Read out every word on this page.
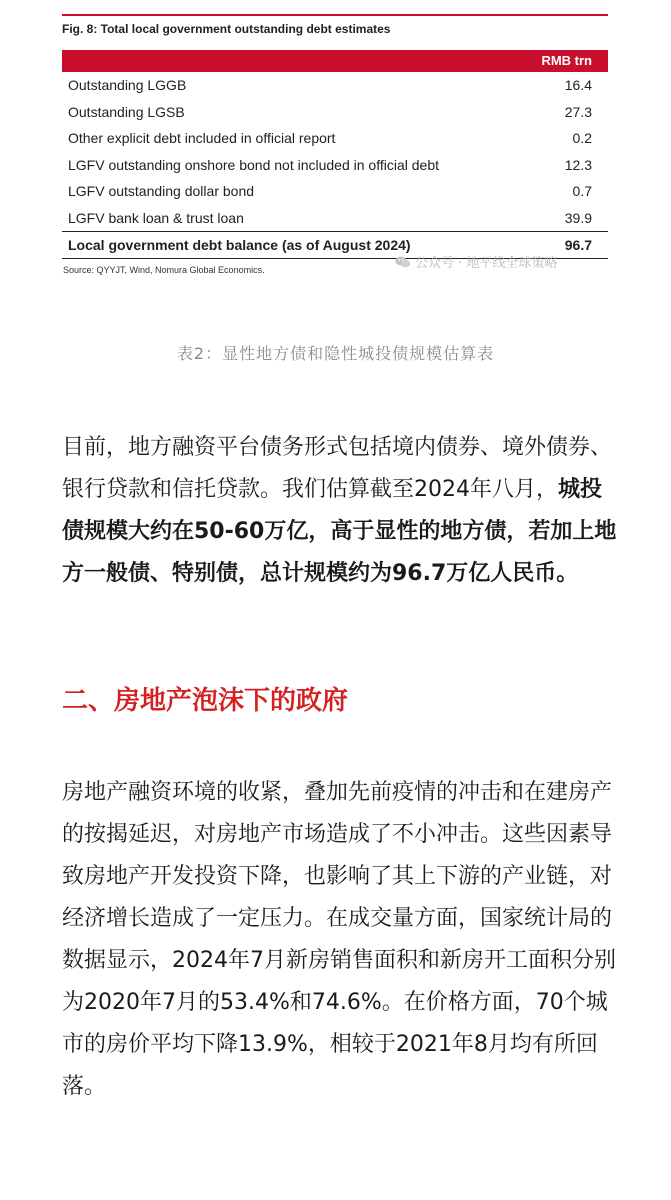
Fig. 8: Total local government outstanding debt estimates
RMB trn
Outstanding LGGB	16.4
Outstanding LGSB	27.3
Other explicit debt included in official report	0.2
LGFV outstanding onshore bond not included in official debt	12.3
LGFV outstanding dollar bond	0.7
LGFV bank loan & trust loan	39.9
Local government debt balance (as of August 2024)	96.7
Source: QYYJT, Wind, Nomura Global Economics.	公众号 · 地平线全球策略
表2：显性地方债和隐性城投债规模估算表

目前，地方融资平台债务形式包括境内债券、境外债券、银行贷款和信托贷款。我们估算截至2024年八月，城投债规模大约在50-60万亿，高于显性的地方债，若加上地方一般债、特别债，总计规模约为96.7万亿人民币。

二、房地产泡沫下的政府

房地产融资环境的收紧，叠加先前疫情的冲击和在建房产的按揭延迟，对房地产市场造成了不小冲击。这些因素导致房地产开发投资下降，也影响了其上下游的产业链，对经济增长造成了一定压力。在成交量方面，国家统计局的数据显示，2024年7月新房销售面积和新房开工面积分别为2020年7月的53.4%和74.6%。在价格方面，70个城市的房价平均下降13.9%，相较于2021年8月均有所回落。
